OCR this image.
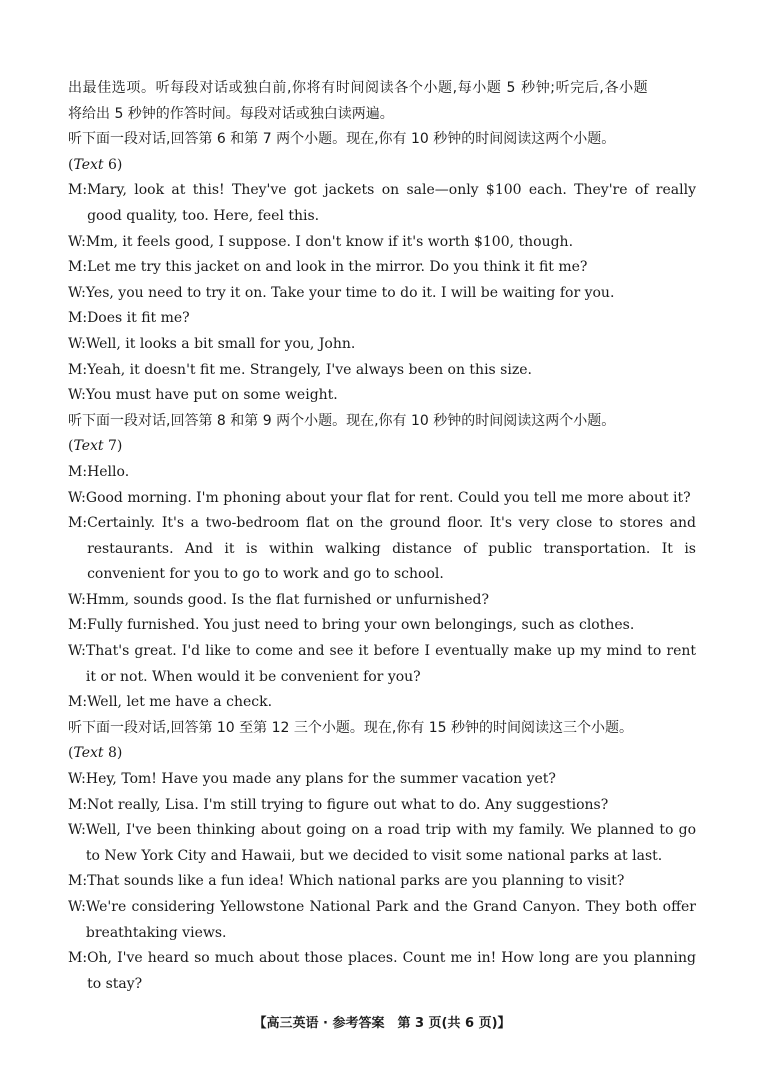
出最佳选项。听每段对话或独白前,你将有时间阅读各个小题,每小题 5 秒钟;听完后,各小题

将给出 5 秒钟的作答时间。每段对话或独白读两遍。

听下面一段对话,回答第 6 和第 7 两个小题。现在,你有 10 秒钟的时间阅读这两个小题。

(Text 6)

M: Mary, look at this! They've got jackets on sale—only $100 each. They're of really good quality, too. Here, feel this.
W: Mm, it feels good, I suppose. I don't know if it's worth $100, though.
M: Let me try this jacket on and look in the mirror. Do you think it fit me?
W: Yes, you need to try it on. Take your time to do it. I will be waiting for you.
M: Does it fit me?
W: Well, it looks a bit small for you, John.
M: Yeah, it doesn't fit me. Strangely, I've always been on this size.
W: You must have put on some weight.

听下面一段对话,回答第 8 和第 9 两个小题。现在,你有 10 秒钟的时间阅读这两个小题。

(Text 7)

M: Hello.
W: Good morning. I'm phoning about your flat for rent. Could you tell me more about it?
M: Certainly. It's a two-bedroom flat on the ground floor. It's very close to stores and restaurants. And it is within walking distance of public transportation. It is convenient for you to go to work and go to school.
W: Hmm, sounds good. Is the flat furnished or unfurnished?
M: Fully furnished. You just need to bring your own belongings, such as clothes.
W: That's great. I'd like to come and see it before I eventually make up my mind to rent it or not. When would it be convenient for you?
M: Well, let me have a check.

听下面一段对话,回答第 10 至第 12 三个小题。现在,你有 15 秒钟的时间阅读这三个小题。

(Text 8)

W: Hey, Tom! Have you made any plans for the summer vacation yet?
M: Not really, Lisa. I'm still trying to figure out what to do. Any suggestions?
W: Well, I've been thinking about going on a road trip with my family. We planned to go to New York City and Hawaii, but we decided to visit some national parks at last.
M: That sounds like a fun idea! Which national parks are you planning to visit?
W: We're considering Yellowstone National Park and the Grand Canyon. They both offer breathtaking views.
M: Oh, I've heard so much about those places. Count me in! How long are you planning to stay?
【高三英语 · 参考答案　第 3 页(共 6 页)】
